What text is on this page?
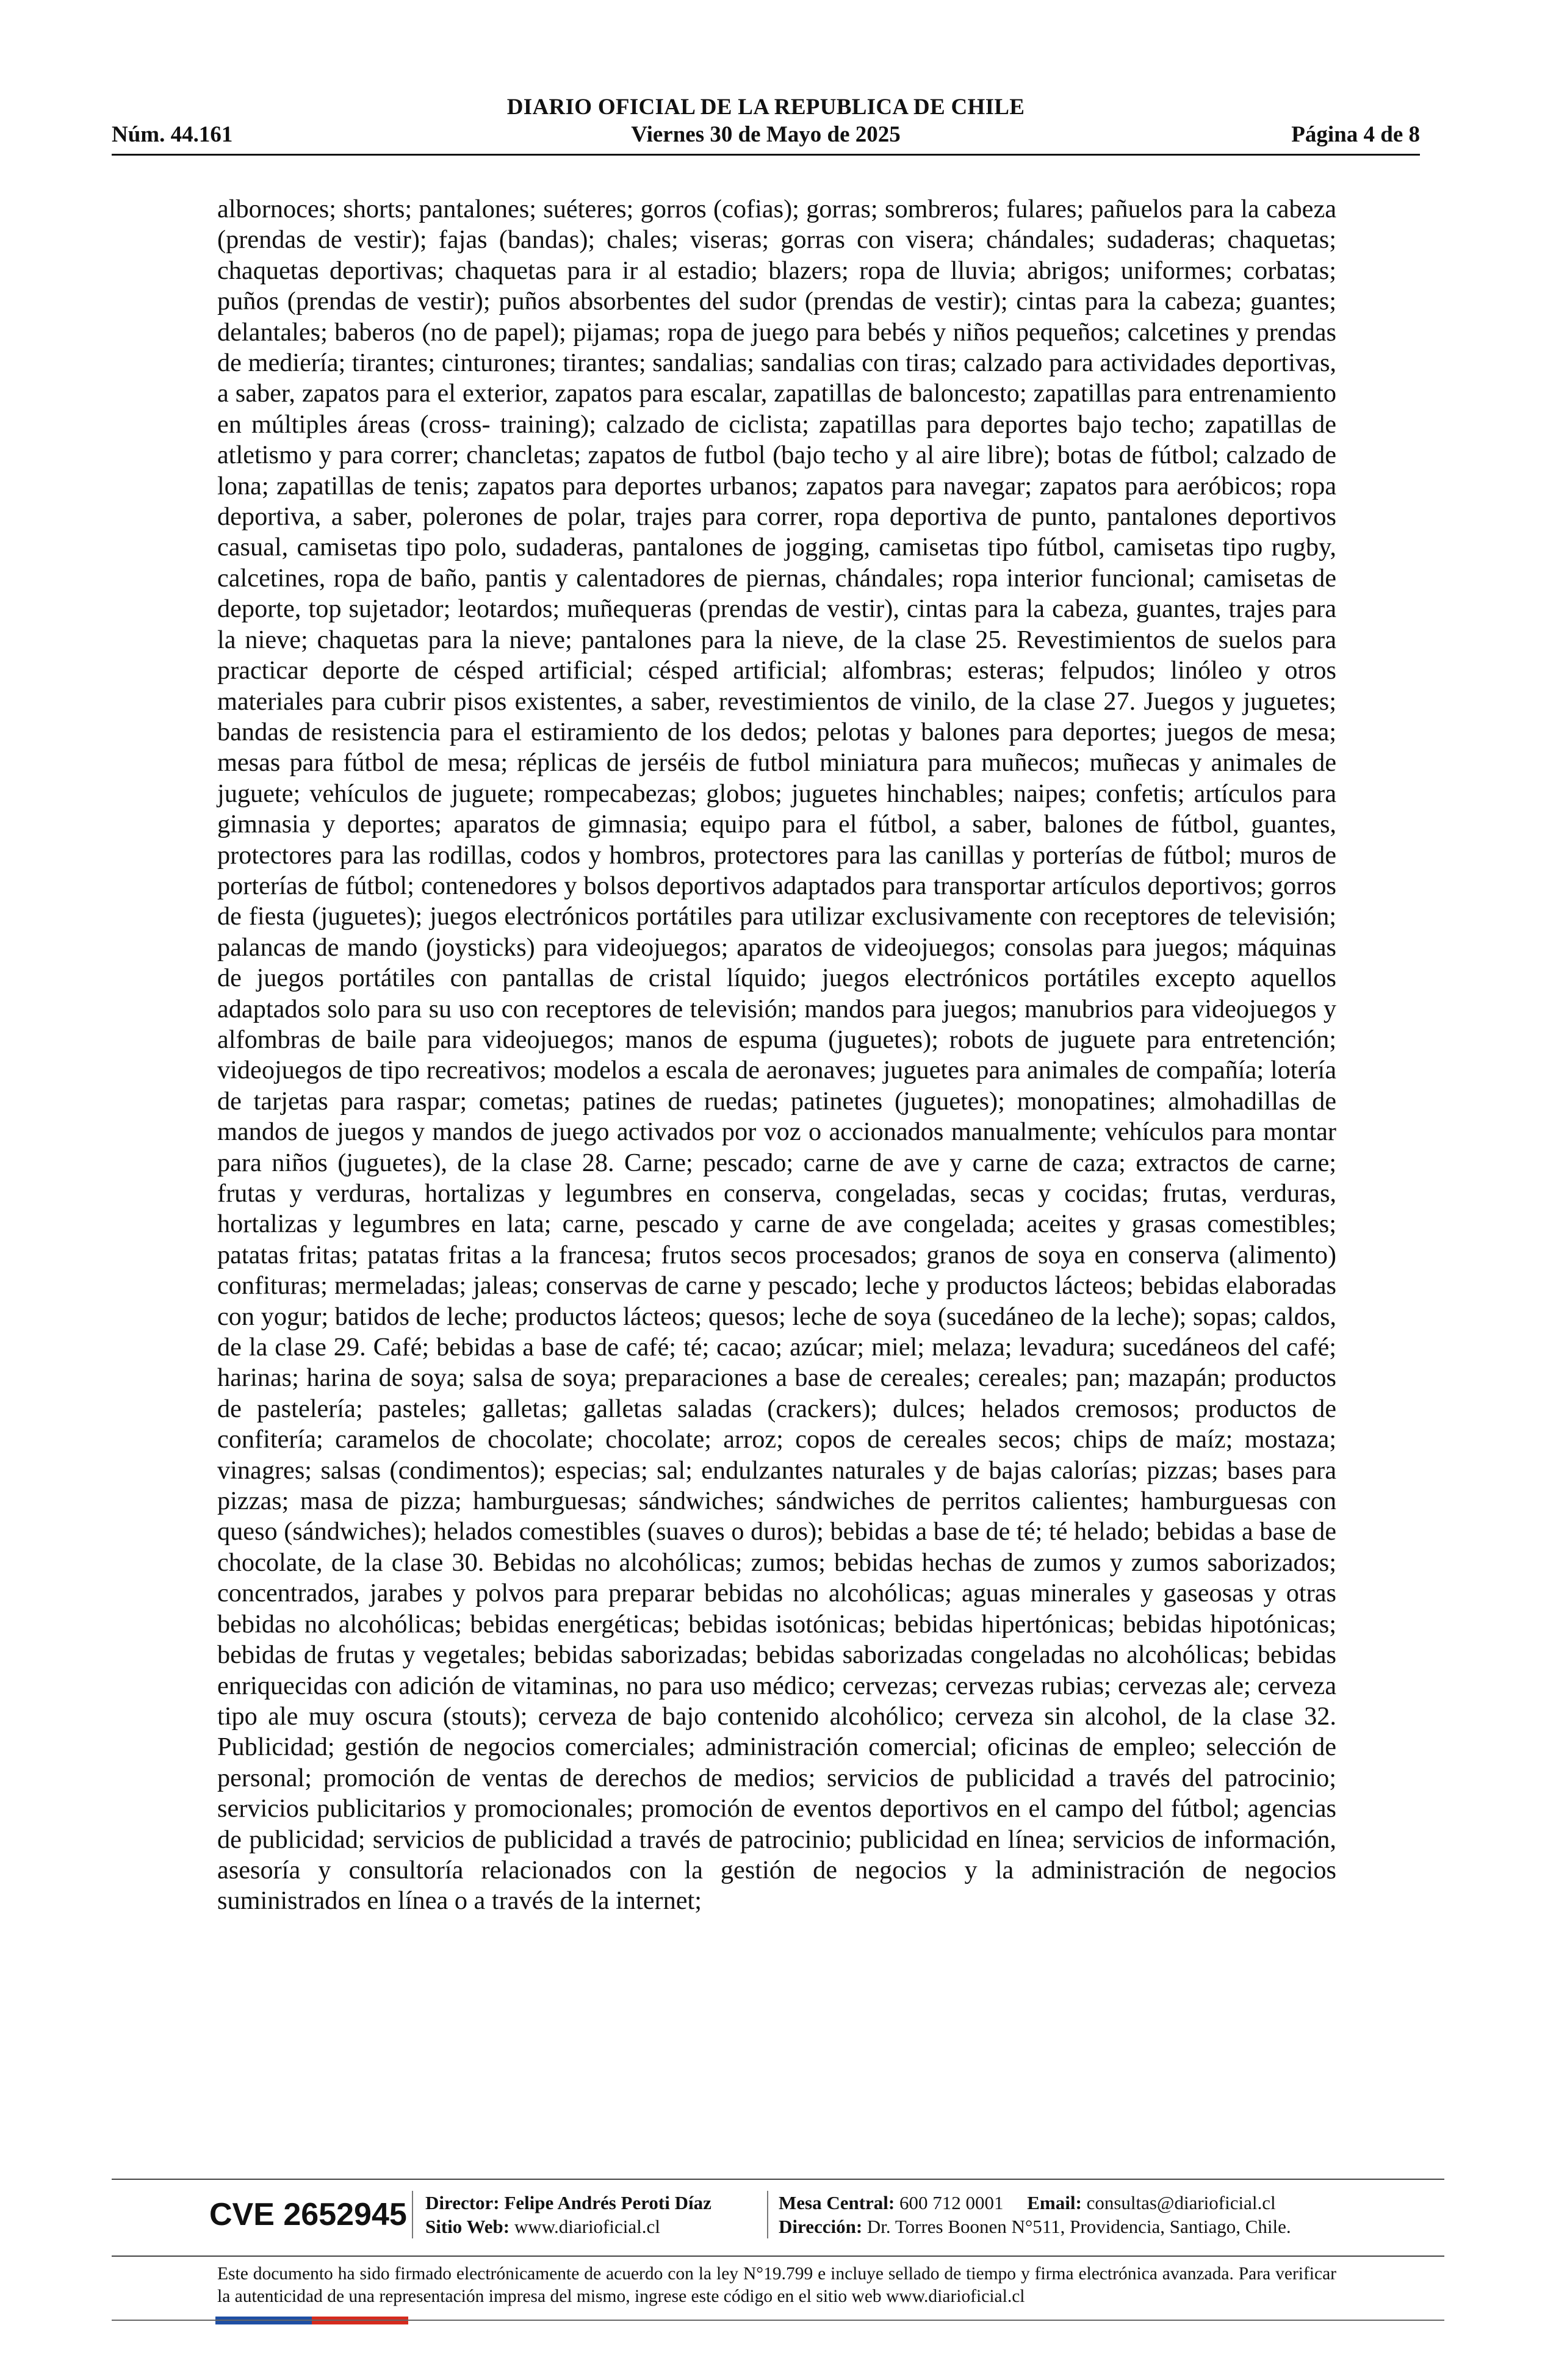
DIARIO OFICIAL DE LA REPUBLICA DE CHILE
Núm. 44.161	Viernes 30 de Mayo de 2025	Página 4 de 8

albornoces; shorts; pantalones; suéteres; gorros (cofias); gorras; sombreros; fulares; pañuelos para la cabeza (prendas de vestir); fajas (bandas); chales; viseras; gorras con visera; chándales; sudaderas; chaquetas; chaquetas deportivas; chaquetas para ir al estadio; blazers; ropa de lluvia; abrigos; uniformes; corbatas; puños (prendas de vestir); puños absorbentes del sudor (prendas de vestir); cintas para la cabeza; guantes; delantales; baberos (no de papel); pijamas; ropa de juego para bebés y niños pequeños; calcetines y prendas de mediería; tirantes; cinturones; tirantes; sandalias; sandalias con tiras; calzado para actividades deportivas, a saber, zapatos para el exterior, zapatos para escalar, zapatillas de baloncesto; zapatillas para entrenamiento en múltiples áreas (cross- training); calzado de ciclista; zapatillas para deportes bajo techo; zapatillas de atletismo y para correr; chancletas; zapatos de futbol (bajo techo y al aire libre); botas de fútbol; calzado de lona; zapatillas de tenis; zapatos para deportes urbanos; zapatos para navegar; zapatos para aeróbicos; ropa deportiva, a saber, polerones de polar, trajes para correr, ropa deportiva de punto, pantalones deportivos casual, camisetas tipo polo, sudaderas, pantalones de jogging, camisetas tipo fútbol, camisetas tipo rugby, calcetines, ropa de baño, pantis y calentadores de piernas, chándales; ropa interior funcional; camisetas de deporte, top sujetador; leotardos; muñequeras (prendas de vestir), cintas para la cabeza, guantes, trajes para la nieve; chaquetas para la nieve; pantalones para la nieve, de la clase 25. Revestimientos de suelos para practicar deporte de césped artificial; césped artificial; alfombras; esteras; felpudos; linóleo y otros materiales para cubrir pisos existentes, a saber, revestimientos de vinilo, de la clase 27. Juegos y juguetes; bandas de resistencia para el estiramiento de los dedos; pelotas y balones para deportes; juegos de mesa; mesas para fútbol de mesa; réplicas de jerséis de futbol miniatura para muñecos; muñecas y animales de juguete; vehículos de juguete; rompecabezas; globos; juguetes hinchables; naipes; confetis; artículos para gimnasia y deportes; aparatos de gimnasia; equipo para el fútbol, a saber, balones de fútbol, guantes, protectores para las rodillas, codos y hombros, protectores para las canillas y porterías de fútbol; muros de porterías de fútbol; contenedores y bolsos deportivos adaptados para transportar artículos deportivos; gorros de fiesta (juguetes); juegos electrónicos portátiles para utilizar exclusivamente con receptores de televisión; palancas de mando (joysticks) para videojuegos; aparatos de videojuegos; consolas para juegos; máquinas de juegos portátiles con pantallas de cristal líquido; juegos electrónicos portátiles excepto aquellos adaptados solo para su uso con receptores de televisión; mandos para juegos; manubrios para videojuegos y alfombras de baile para videojuegos; manos de espuma (juguetes); robots de juguete para entretención; videojuegos de tipo recreativos; modelos a escala de aeronaves; juguetes para animales de compañía; lotería de tarjetas para raspar; cometas; patines de ruedas; patinetes (juguetes); monopatines; almohadillas de mandos de juegos y mandos de juego activados por voz o accionados manualmente; vehículos para montar para niños (juguetes), de la clase 28. Carne; pescado; carne de ave y carne de caza; extractos de carne; frutas y verduras, hortalizas y legumbres en conserva, congeladas, secas y cocidas; frutas, verduras, hortalizas y legumbres en lata; carne, pescado y carne de ave congelada; aceites y grasas comestibles; patatas fritas; patatas fritas a la francesa; frutos secos procesados; granos de soya en conserva (alimento) confituras; mermeladas; jaleas; conservas de carne y pescado; leche y productos lácteos; bebidas elaboradas con yogur; batidos de leche; productos lácteos; quesos; leche de soya (sucedáneo de la leche); sopas; caldos, de la clase 29. Café; bebidas a base de café; té; cacao; azúcar; miel; melaza; levadura; sucedáneos del café; harinas; harina de soya; salsa de soya; preparaciones a base de cereales; cereales; pan; mazapán; productos de pastelería; pasteles; galletas; galletas saladas (crackers); dulces; helados cremosos; productos de confitería; caramelos de chocolate; chocolate; arroz; copos de cereales secos; chips de maíz; mostaza; vinagres; salsas (condimentos); especias; sal; endulzantes naturales y de bajas calorías; pizzas; bases para pizzas; masa de pizza; hamburguesas; sándwiches; sándwiches de perritos calientes; hamburguesas con queso (sándwiches); helados comestibles (suaves o duros); bebidas a base de té; té helado; bebidas a base de chocolate, de la clase 30. Bebidas no alcohólicas; zumos; bebidas hechas de zumos y zumos saborizados; concentrados, jarabes y polvos para preparar bebidas no alcohólicas; aguas minerales y gaseosas y otras bebidas no alcohólicas; bebidas energéticas; bebidas isotónicas; bebidas hipertónicas; bebidas hipotónicas; bebidas de frutas y vegetales; bebidas saborizadas; bebidas saborizadas congeladas no alcohólicas; bebidas enriquecidas con adición de vitaminas, no para uso médico; cervezas; cervezas rubias; cervezas ale; cerveza tipo ale muy oscura (stouts); cerveza de bajo contenido alcohólico; cerveza sin alcohol, de la clase 32. Publicidad; gestión de negocios comerciales; administración comercial; oficinas de empleo; selección de personal; promoción de ventas de derechos de medios; servicios de publicidad a través del patrocinio; servicios publicitarios y promocionales; promoción de eventos deportivos en el campo del fútbol; agencias de publicidad; servicios de publicidad a través de patrocinio; publicidad en línea; servicios de información, asesoría y consultoría relacionados con la gestión de negocios y la administración de negocios suministrados en línea o a través de la internet;
CVE 2652945 Director: Felipe Andrés Peroti Díaz
Sitio Web: www.diarioficial.cl
Mesa Central: 600 712 0001 Email: consultas@diarioficial.cl
Dirección: Dr. Torres Boonen N°511, Providencia, Santiago, Chile.
Este documento ha sido firmado electrónicamente de acuerdo con la ley N°19.799 e incluye sellado de tiempo y firma electrónica avanzada. Para verificar la autenticidad de una representación impresa del mismo, ingrese este código en el sitio web www.diarioficial.cl
